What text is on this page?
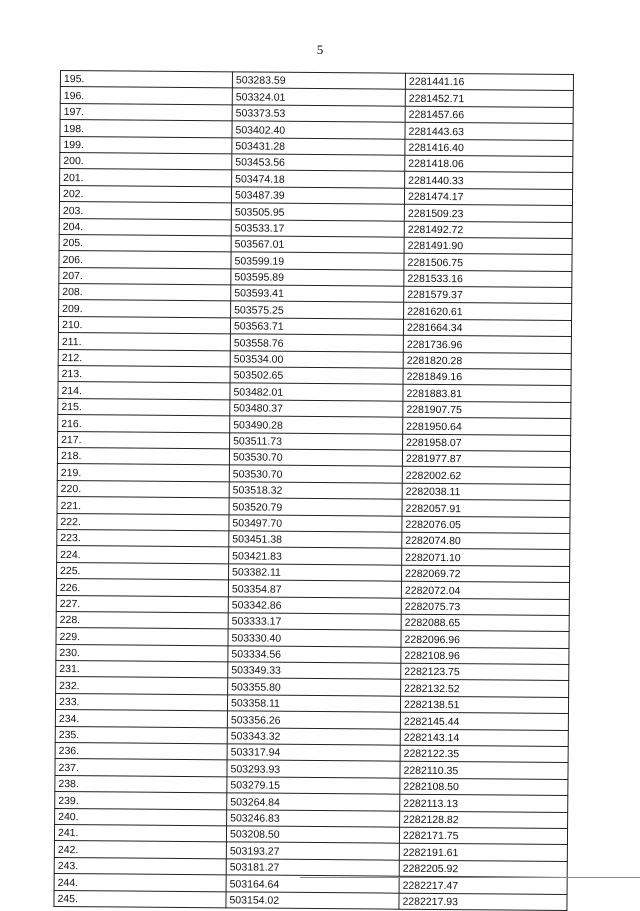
5
195.	503283.59	2281441.16
196.	503324.01	2281452.71
197.	503373.53	2281457.66
198.	503402.40	2281443.63
199.	503431.28	2281416.40
200.	503453.56	2281418.06
201.	503474.18	2281440.33
202.	503487.39	2281474.17
203.	503505.95	2281509.23
204.	503533.17	2281492.72
205.	503567.01	2281491.90
206.	503599.19	2281506.75
207.	503595.89	2281533.16
208.	503593.41	2281579.37
209.	503575.25	2281620.61
210.	503563.71	2281664.34
211.	503558.76	2281736.96
212.	503534.00	2281820.28
213.	503502.65	2281849.16
214.	503482.01	2281883.81
215.	503480.37	2281907.75
216.	503490.28	2281950.64
217.	503511.73	2281958.07
218.	503530.70	2281977.87
219.	503530.70	2282002.62
220.	503518.32	2282038.11
221.	503520.79	2282057.91
222.	503497.70	2282076.05
223.	503451.38	2282074.80
224.	503421.83	2282071.10
225.	503382.11	2282069.72
226.	503354.87	2282072.04
227.	503342.86	2282075.73
228.	503333.17	2282088.65
229.	503330.40	2282096.96
230.	503334.56	2282108.96
231.	503349.33	2282123.75
232.	503355.80	2282132.52
233.	503358.11	2282138.51
234.	503356.26	2282145.44
235.	503343.32	2282143.14
236.	503317.94	2282122.35
237.	503293.93	2282110.35
238.	503279.15	2282108.50
239.	503264.84	2282113.13
240.	503246.83	2282128.82
241.	503208.50	2282171.75
242.	503193.27	2282191.61
243.	503181.27	2282205.92
244.	503164.64	2282217.47
245.	503154.02	2282217.93
